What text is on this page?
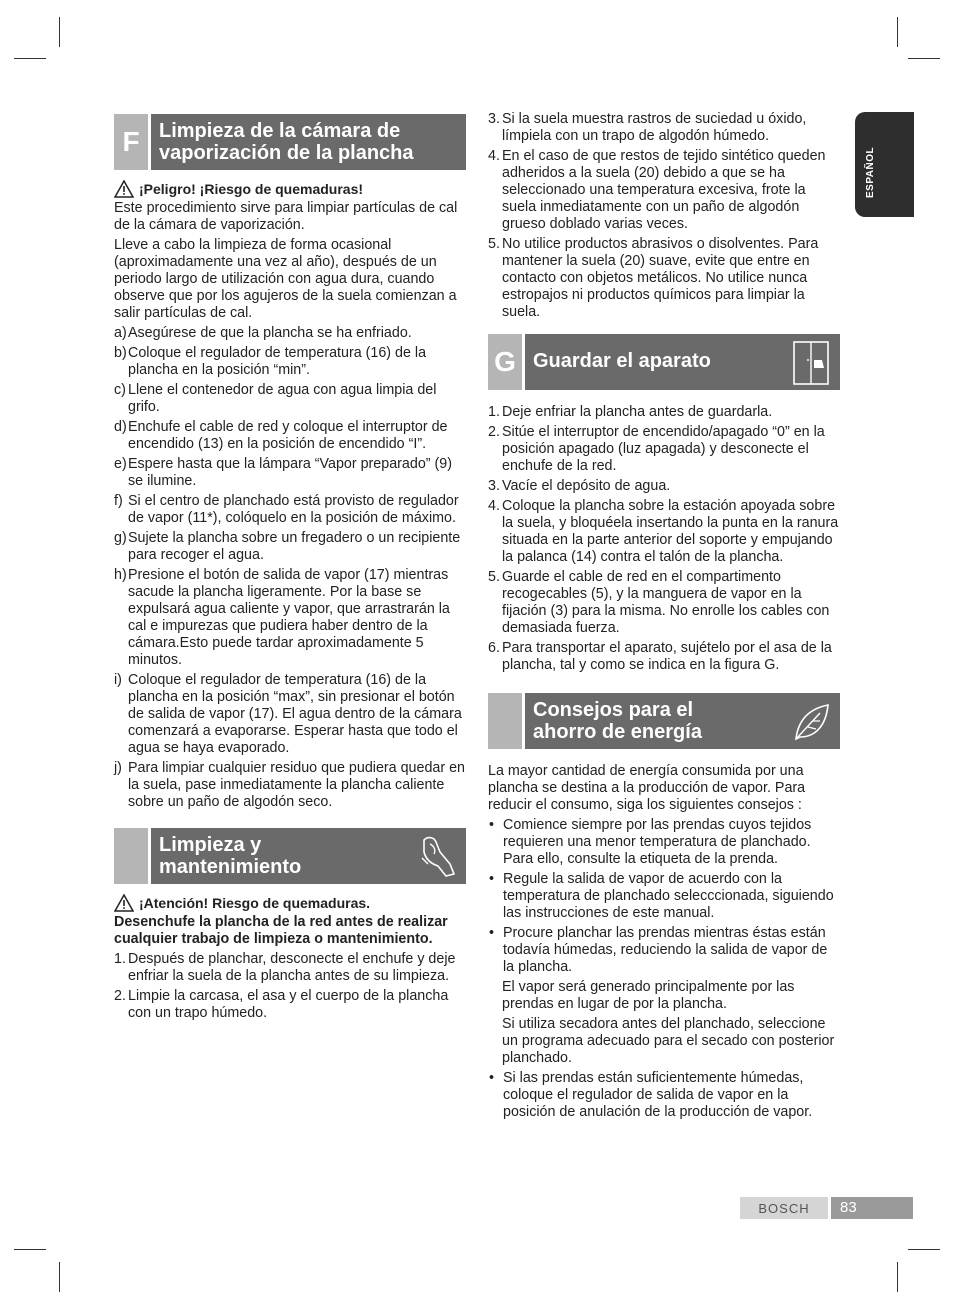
ESPAÑOL
F Limpieza de la cámara de vaporización de la plancha
¡Peligro! ¡Riesgo de quemaduras!

Este procedimiento sirve para limpiar partículas de cal de la cámara de vaporización.

Lleve a cabo la limpieza de forma ocasional (aproximadamente una vez al año), después de un periodo largo de utilización con agua dura, cuando observe que por los agujeros de la suela comienzan a salir partículas de cal.

a) Asegúrese de que la plancha se ha enfriado.
b) Coloque el regulador de temperatura (16) de la plancha en la posición “min”.
c) Llene el contenedor de agua con agua limpia del grifo.
d) Enchufe el cable de red y coloque el interruptor de encendido (13) en la posición de encendido “I”.
e) Espere hasta que la lámpara “Vapor preparado” (9) se ilumine.
f) Si el centro de planchado está provisto de regulador de vapor (11*), colóquelo en la posición de máximo.
g) Sujete la plancha sobre un fregadero o un recipiente para recoger el agua.
h) Presione el botón de salida de vapor (17) mientras sacude la plancha ligeramente. Por la base se expulsará agua caliente y vapor, que arrastrarán la cal e impurezas que pudiera haber dentro de la cámara.Esto puede tardar aproximadamente 5 minutos.
i) Coloque el regulador de temperatura (16) de la plancha en la posición “max”, sin presionar el botón de salida de vapor (17). El agua dentro de la cámara comenzará a evaporarse. Esperar hasta que todo el agua se haya evaporado.
j) Para limpiar cualquier residuo que pudiera quedar en la suela, pase inmediatamente la plancha caliente sobre un paño de algodón seco.
Limpieza y mantenimiento
¡Atención! Riesgo de quemaduras.

Desenchufe la plancha de la red antes de realizar cualquier trabajo de limpieza o mantenimiento.

1. Después de planchar, desconecte el enchufe y deje enfriar la suela de la plancha antes de su limpieza.
2. Limpie la carcasa, el asa y el cuerpo de la plancha con un trapo húmedo.
3. Si la suela muestra rastros de suciedad u óxido, límpiela con un trapo de algodón húmedo.
4. En el caso de que restos de tejido sintético queden adheridos a la suela (20) debido a que se ha seleccionado una temperatura excesiva, frote la suela inmediatamente con un paño de algodón grueso doblado varias veces.
5. No utilice productos abrasivos o disolventes. Para mantener la suela (20) suave, evite que entre en contacto con objetos metálicos. No utilice nunca estropajos ni productos químicos para limpiar la suela.
G Guardar el aparato
1. Deje enfriar la plancha antes de guardarla.
2. Sitúe el interruptor de encendido/apagado “0” en la posición apagado (luz apagada) y desconecte el enchufe de la red.
3. Vacíe el depósito de agua.
4. Coloque la plancha sobre la estación apoyada sobre la suela, y bloquéela insertando la punta en la ranura situada en la parte anterior del soporte y empujando la palanca (14) contra el talón de la plancha.
5. Guarde el cable de red en el compartimento recogecables (5), y la manguera de vapor en la fijación (3) para la misma. No enrolle los cables con demasiada fuerza.
6. Para transportar el aparato, sujételo por el asa de la plancha, tal y como se indica en la figura G.
Consejos para el ahorro de energía

La mayor cantidad de energía consumida por una plancha se destina a la producción de vapor. Para reducir el consumo, siga los siguientes consejos :

• Comience siempre por las prendas cuyos tejidos requieren una menor temperatura de planchado. Para ello, consulte la etiqueta de la prenda.
• Regule la salida de vapor de acuerdo con la temperatura de planchado selecccionada, siguiendo las instrucciones de este manual.
• Procure planchar las prendas mientras éstas están todavía húmedas, reduciendo la salida de vapor de la plancha.
El vapor será generado principalmente por las prendas en lugar de por la plancha.
Si utiliza secadora antes del planchado, seleccione un programa adecuado para el secado con posterior planchado.
• Si las prendas están suficientemente húmedas, coloque el regulador de salida de vapor en la posición de anulación de la producción de vapor.
BOSCH	83
